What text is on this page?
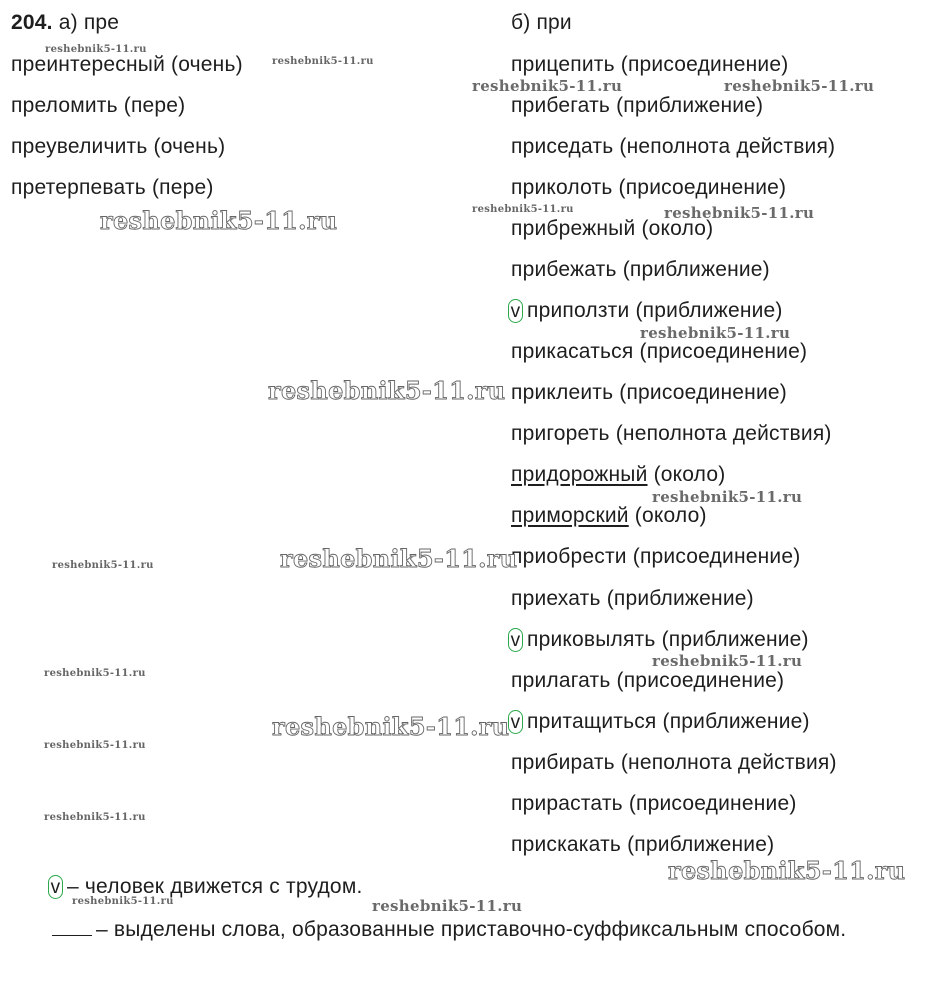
204. а) пре	б) при
преинтересный (очень)
преломить (пере)
преувеличить (очень)
претерпевать (пере)
прицепить (присоединение)
прибегать (приближение)
приседать (неполнота действия)
приколоть (присоединение)
прибрежный (около)
прибежать (приближение)
v приползти (приближение)
прикасаться (присоединение)
приклеить (присоединение)
пригореть (неполнота действия)
придорожный (около)
приморский (около)
приобрести (присоединение)
приехать (приближение)
v приковылять (приближение)
прилагать (присоединение)
v притащиться (приближение)
прибирать (неполнота действия)
прирастать (присоединение)
прискакать (приближение)
v – человек движется с трудом.
– выделены слова, образованные приставочно-суффиксальным способом.
reshebnik5-11.ru
reshebnik5-11.ru
reshebnik5-11.ru	reshebnik5-11.ru
reshebnik5-11.ru	reshebnik5-11.ru	reshebnik5-11.ru
reshebnik5-11.ru
reshebnik5-11.ru
reshebnik5-11.ru
reshebnik5-11.ru
reshebnik5-11.ru
reshebnik5-11.ru
reshebnik5-11.ru
reshebnik5-11.ru
reshebnik5-11.ru
reshebnik5-11.ru
reshebnik5-11.ru
reshebnik5-11.ru	reshebnik5-11.ru
